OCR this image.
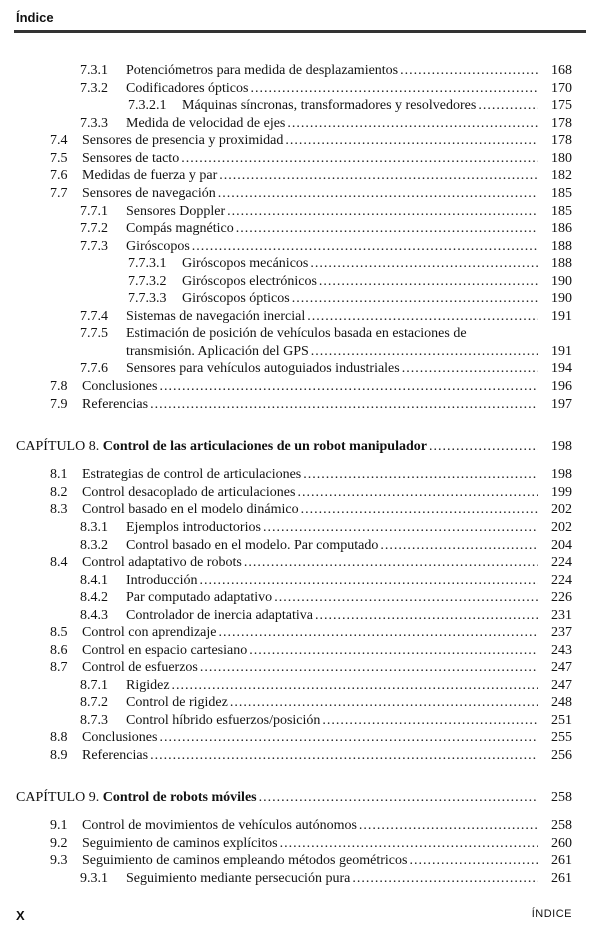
Índice
7.3.1 Potenciómetros para medida de desplazamientos .....	168
7.3.2 Codificadores ópticos .....	170
7.3.2.1 Máquinas síncronas, transformadores y resolvedores .....	175
7.3.3 Medida de velocidad de ejes .....	178
7.4 Sensores de presencia y proximidad .....	178
7.5 Sensores de tacto .....	180
7.6 Medidas de fuerza y par .....	182
7.7 Sensores de navegación .....	185
7.7.1 Sensores Doppler .....	185
7.7.2 Compás magnético .....	186
7.7.3 Giróscopos .....	188
7.7.3.1 Giróscopos mecánicos .....	188
7.7.3.2 Giróscopos electrónicos .....	190
7.7.3.3 Giróscopos ópticos .....	190
7.7.4 Sistemas de navegación inercial .....	191
7.7.5 Estimación de posición de vehículos basada en estaciones de
transmisión. Aplicación del GPS .....	191
7.7.6 Sensores para vehículos autoguiados industriales .....	194
7.8 Conclusiones .....	196
7.9 Referencias .....	197
CAPÍTULO 8. Control de las articulaciones de un robot manipulador .....	198
8.1 Estrategias de control de articulaciones .....	198
8.2 Control desacoplado de articulaciones .....	199
8.3 Control basado en el modelo dinámico .....	202
8.3.1 Ejemplos introductorios .....	202
8.3.2 Control basado en el modelo. Par computado .....	204
8.4 Control adaptativo de robots .....	224
8.4.1 Introducción .....	224
8.4.2 Par computado adaptativo .....	226
8.4.3 Controlador de inercia adaptativa .....	231
8.5 Control con aprendizaje .....	237
8.6 Control en espacio cartesiano .....	243
8.7 Control de esfuerzos .....	247
8.7.1 Rigidez .....	247
8.7.2 Control de rigidez .....	248
8.7.3 Control híbrido esfuerzos/posición .....	251
8.8 Conclusiones .....	255
8.9 Referencias .....	256
CAPÍTULO 9. Control de robots móviles .....	258
9.1 Control de movimientos de vehículos autónomos .....	258
9.2 Seguimiento de caminos explícitos .....	260
9.3 Seguimiento de caminos empleando métodos geométricos .....	261
9.3.1 Seguimiento mediante persecución pura .....	261
X	ÍNDICE
